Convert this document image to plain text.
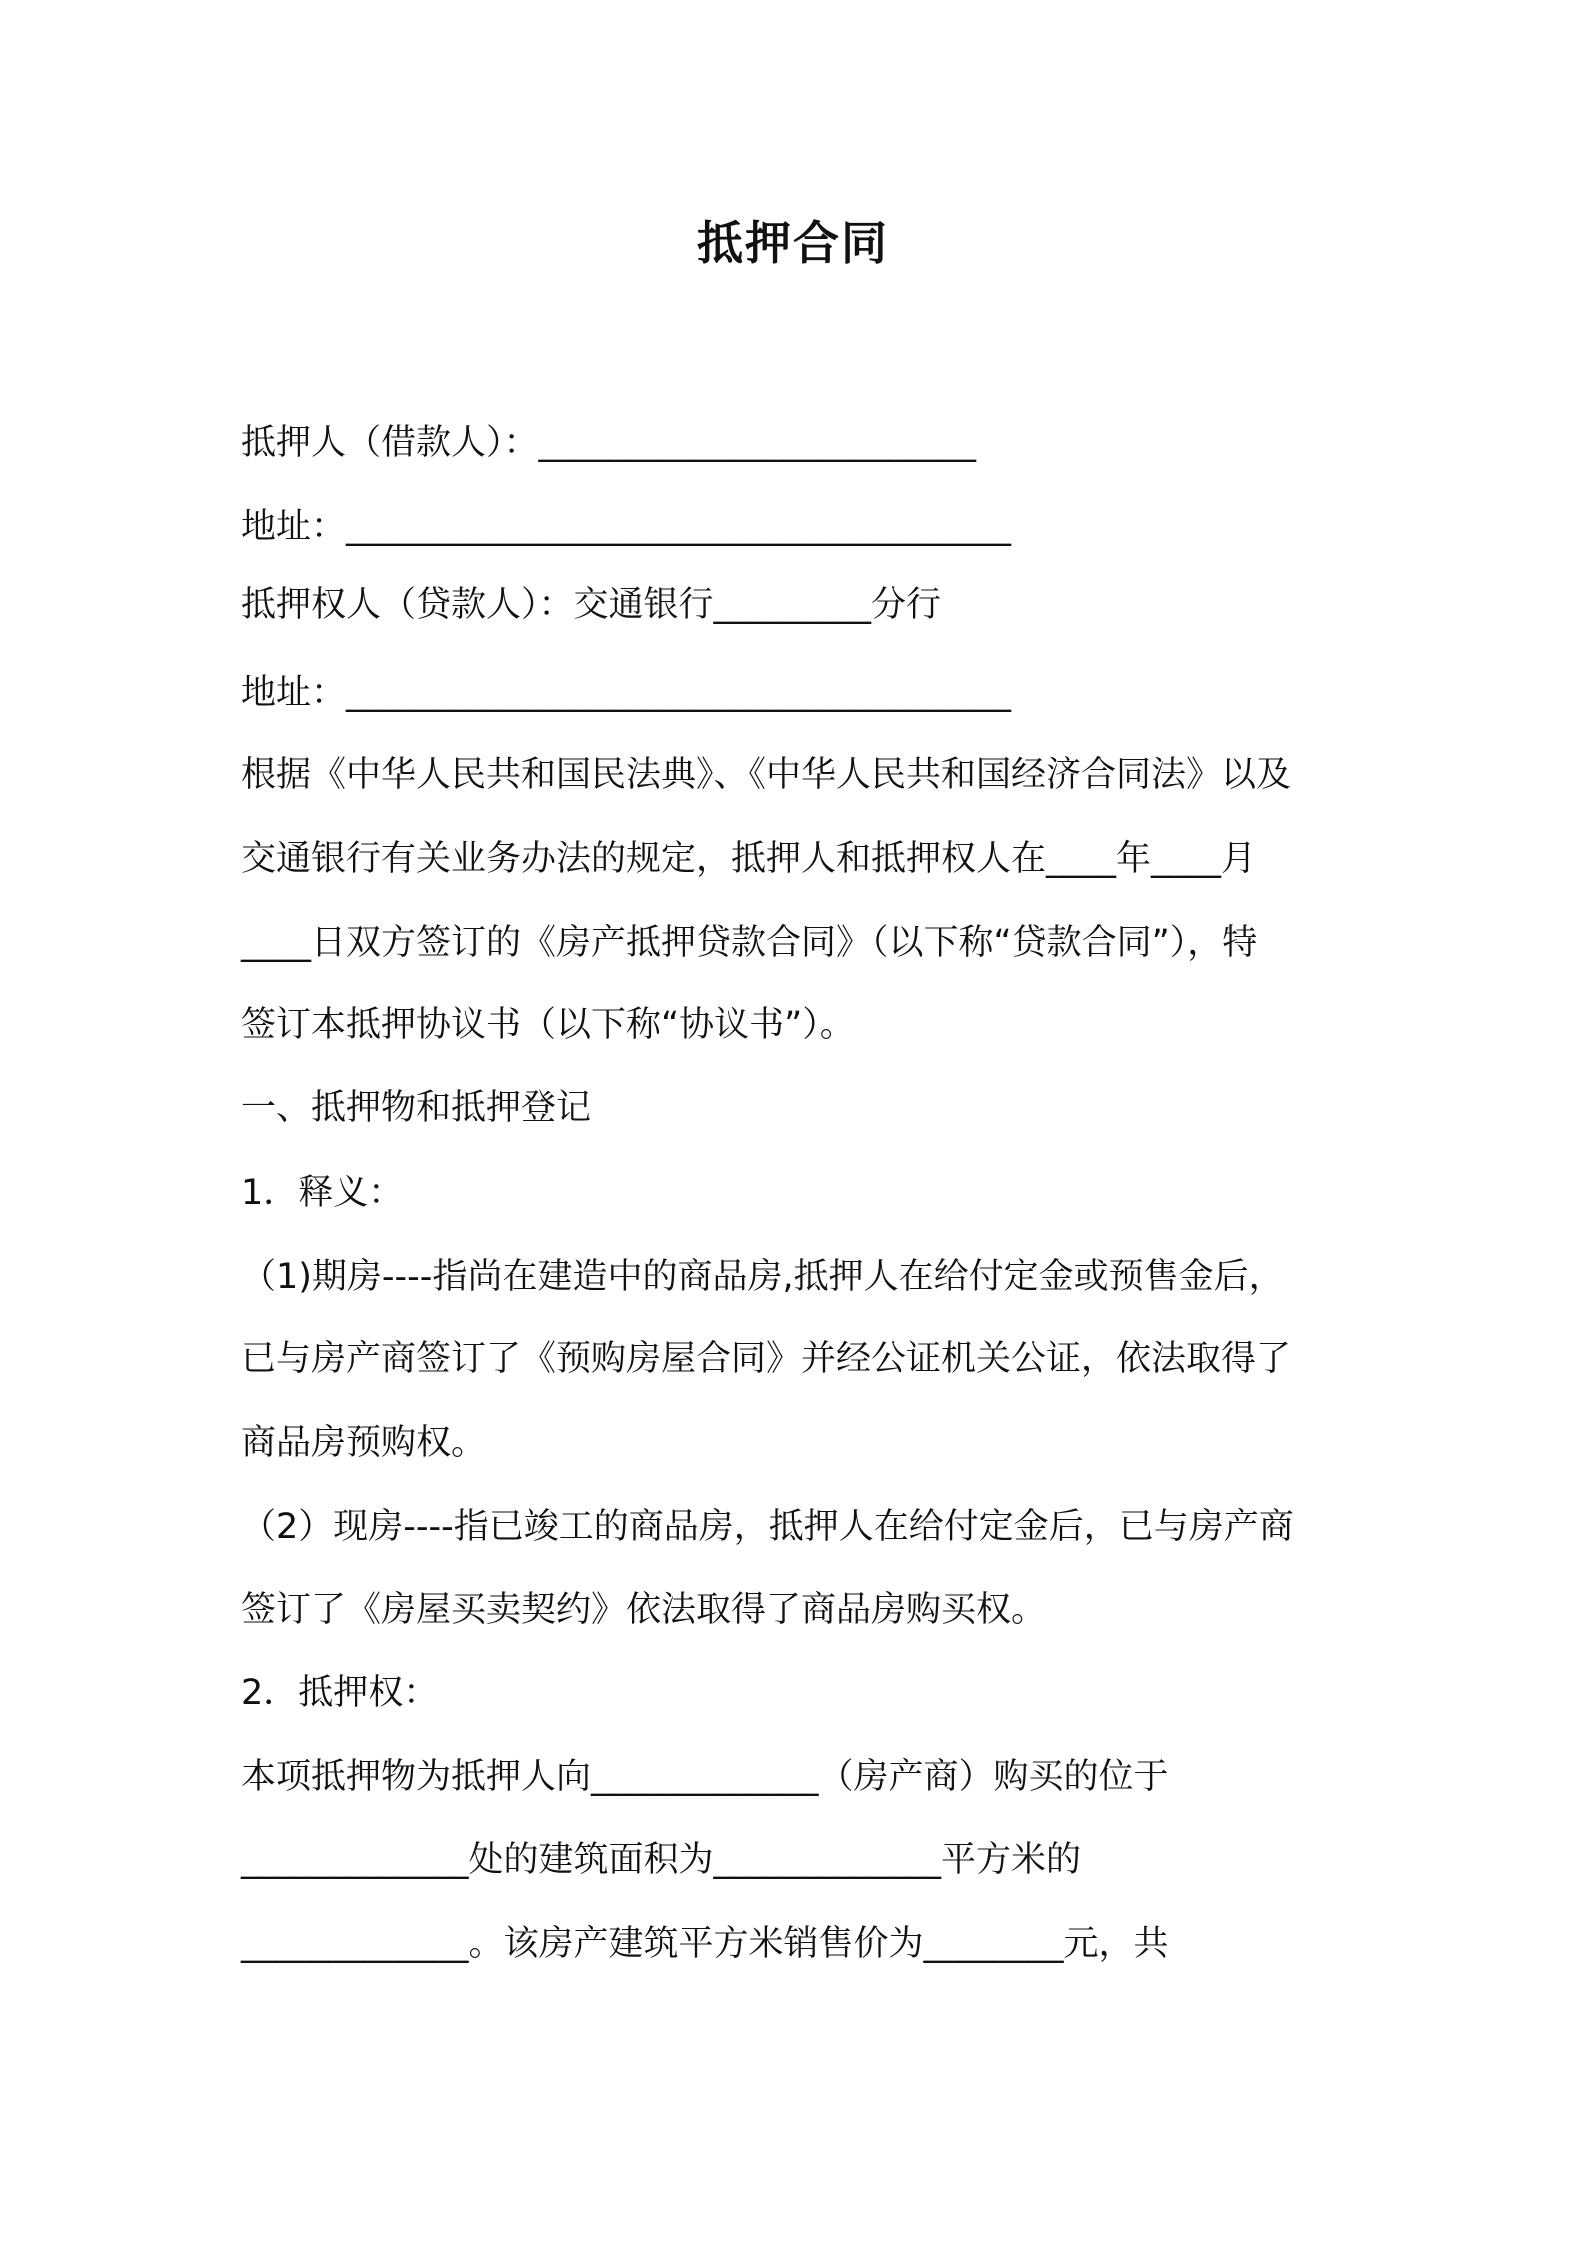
抵押合同
抵押人（借款人）：_________________________
地址：______________________________________
抵押权人（贷款人）：交通银行_________分行
地址：______________________________________
根据《中华人民共和国民法典》、《中华人民共和国经济合同法》以及
交通银行有关业务办法的规定，抵押人和抵押权人在____年____月
____日双方签订的《房产抵押贷款合同》（以下称“贷款合同”），特
签订本抵押协议书（以下称“协议书”）。
一、抵押物和抵押登记
1．释义：
（1)期房----指尚在建造中的商品房,抵押人在给付定金或预售金后，
已与房产商签订了《预购房屋合同》并经公证机关公证，依法取得了
商品房预购权。
（2）现房----指已竣工的商品房，抵押人在给付定金后，已与房产商
签订了《房屋买卖契约》依法取得了商品房购买权。
2．抵押权：
本项抵押物为抵押人向_____________（房产商）购买的位于
_____________处的建筑面积为_____________平方米的
_____________。该房产建筑平方米销售价为________元，共
